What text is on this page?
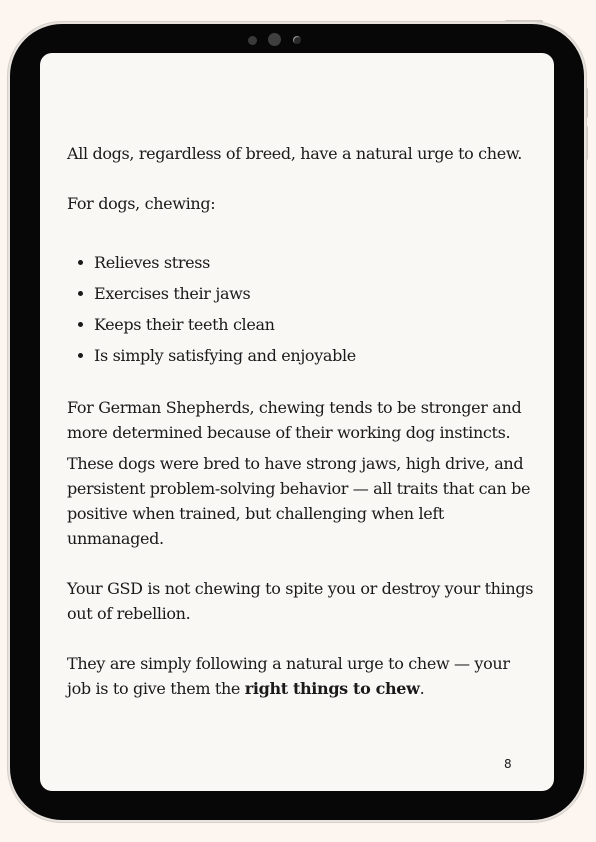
All dogs, regardless of breed, have a natural urge to chew.

For dogs, chewing:

Relieves stress
Exercises their jaws
Keeps their teeth clean
Is simply satisfying and enjoyable

For German Shepherds, chewing tends to be stronger and more determined because of their working dog instincts.

These dogs were bred to have strong jaws, high drive, and persistent problem-solving behavior — all traits that can be positive when trained, but challenging when left unmanaged.

Your GSD is not chewing to spite you or destroy your things out of rebellion.

They are simply following a natural urge to chew — your job is to give them the right things to chew.

8
